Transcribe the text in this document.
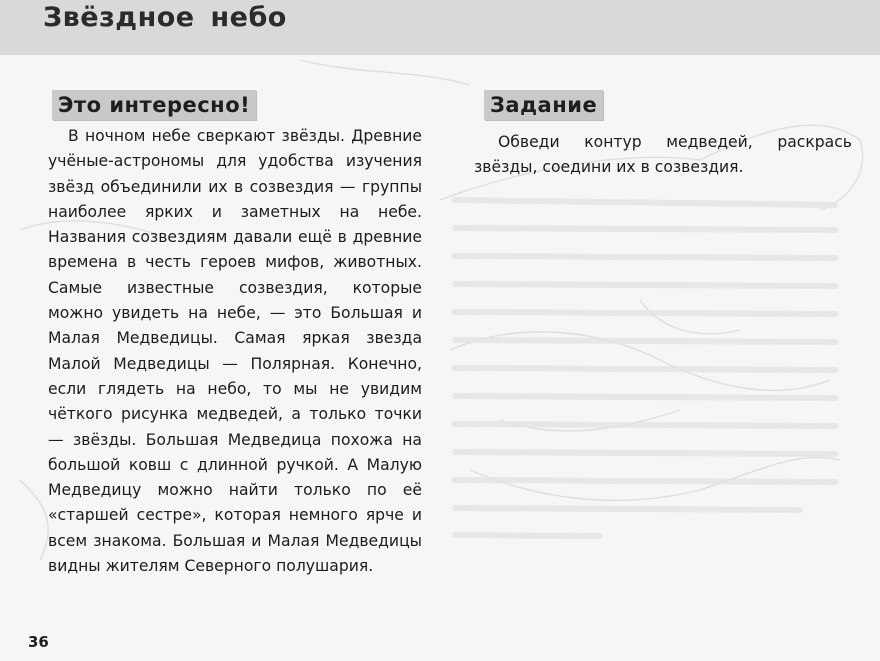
Звёздное небо
Это интересно!	Задание

В ночном небе сверкают звёзды. Древние учёные-астрономы для удобства изучения звёзд объединили их в созвездия — группы наиболее ярких и заметных на небе. Названия созвездиям давали ещё в древние времена в честь героев мифов, животных. Самые известные созвездия, которые можно увидеть на небе, — это Большая и Малая Медведицы. Самая яркая звезда Малой Медведицы — Полярная. Конечно, если глядеть на небо, то мы не увидим чёткого рисунка медведей, а только точки — звёзды. Большая Медведица похожа на большой ковш с длинной ручкой. А Малую Медведицу можно найти только по её «старшей сестре», которая немного ярче и всем знакома. Большая и Малая Медведицы видны жителям Северного полушария.

Обведи контур медведей, раскрась звёзды, соедини их в созвездия.

36
